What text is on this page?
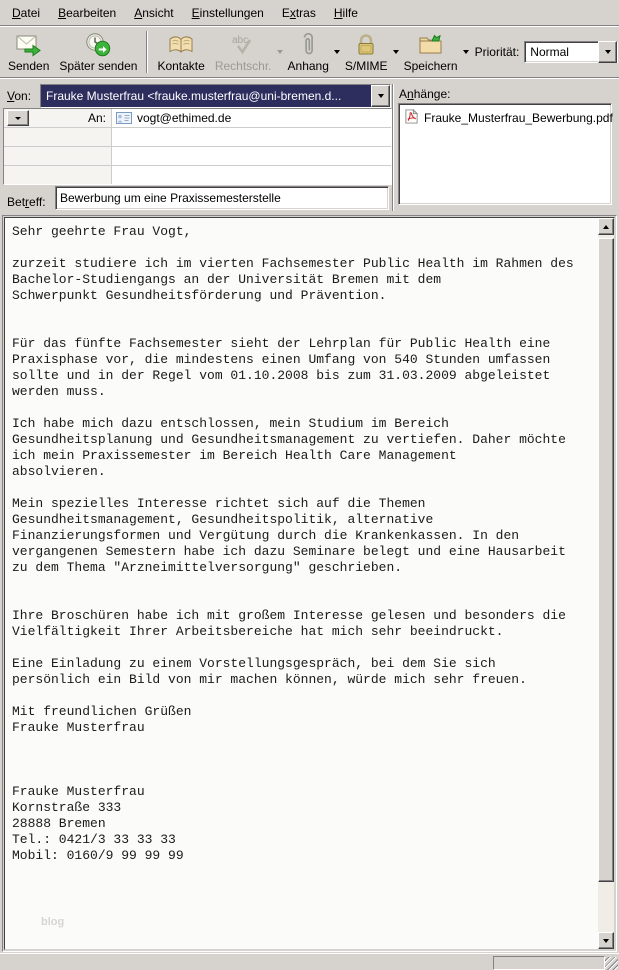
Datei	Bearbeiten	Ansicht	Einstellungen	Extras	Hilfe
Senden Später senden Kontakte
abc
Rechtschr. Anhang S/MIME Speichern
Priorität: Normal
Von:	Frauke Musterfrau <frauke.musterfrau@uni-bremen.d...
An:	vogt@ethimed.de
Betreff: Bewerbung um eine Praxissemesterstelle
Anhänge:
Frauke_Musterfrau_Bewerbung.pdf
Sehr geehrte Frau Vogt,

zurzeit studiere ich im vierten Fachsemester Public Health im Rahmen des
Bachelor-Studiengangs an der Universität Bremen mit dem
Schwerpunkt Gesundheitsförderung und Prävention.

Für das fünfte Fachsemester sieht der Lehrplan für Public Health eine
Praxisphase vor, die mindestens einen Umfang von 540 Stunden umfassen
sollte und in der Regel vom 01.10.2008 bis zum 31.03.2009 abgeleistet
werden muss.

Ich habe mich dazu entschlossen, mein Studium im Bereich
Gesundheitsplanung und Gesundheitsmanagement zu vertiefen. Daher möchte
ich mein Praxissemester im Bereich Health Care Management
absolvieren.

Mein spezielles Interesse richtet sich auf die Themen
Gesundheitsmanagement, Gesundheitspolitik, alternative
Finanzierungsformen und Vergütung durch die Krankenkassen. In den
vergangenen Semestern habe ich dazu Seminare belegt und eine Hausarbeit
zu dem Thema "Arzneimittelversorgung" geschrieben.

Ihre Broschüren habe ich mit großem Interesse gelesen und besonders die
Vielfältigkeit Ihrer Arbeitsbereiche hat mich sehr beeindruckt.

Eine Einladung zu einem Vorstellungsgespräch, bei dem Sie sich
persönlich ein Bild von mir machen können, würde mich sehr freuen.

Mit freundlichen Grüßen
Frauke Musterfrau

Frauke Musterfrau
Kornstraße 333
28888 Bremen
Tel.: 0421/3 33 33 33
Mobil: 0160/9 99 99 99
blog
